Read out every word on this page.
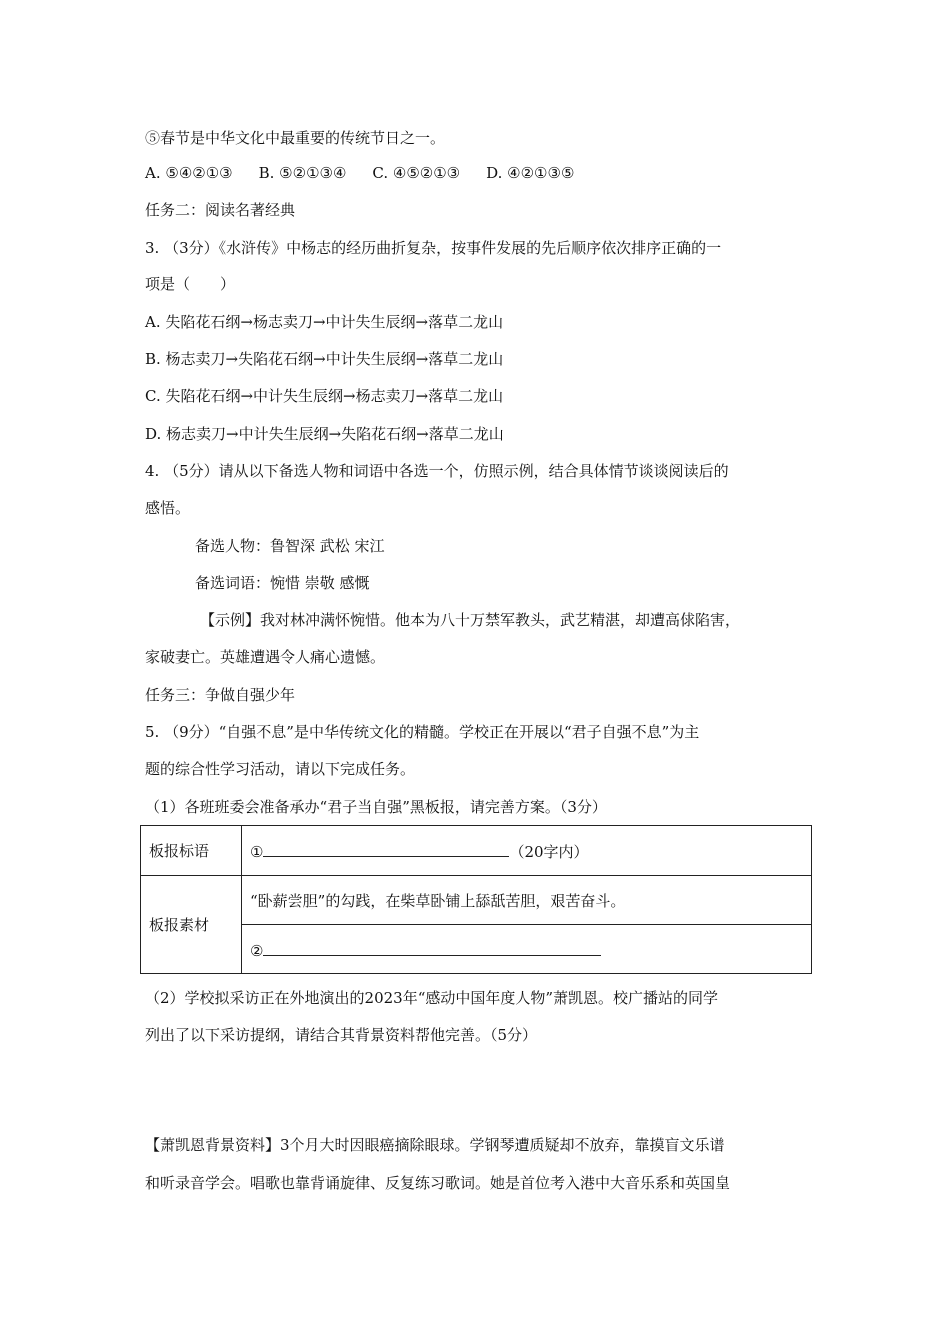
⑤春节是中华文化中最重要的传统节日之一。
A. ⑤④②①③ B. ⑤②①③④ C. ④⑤②①③ D. ④②①③⑤
任务二：阅读名著经典
3. （3分）《水浒传》中杨志的经历曲折复杂，按事件发展的先后顺序依次排序正确的一
项是（　　）
A. 失陷花石纲→杨志卖刀→中计失生辰纲→落草二龙山
B. 杨志卖刀→失陷花石纲→中计失生辰纲→落草二龙山
C. 失陷花石纲→中计失生辰纲→杨志卖刀→落草二龙山
D. 杨志卖刀→中计失生辰纲→失陷花石纲→落草二龙山
4. （5分）请从以下备选人物和词语中各选一个，仿照示例，结合具体情节谈谈阅读后的
感悟。
备选人物：鲁智深 武松 宋江
备选词语：惋惜 崇敬 感慨
【示例】我对林冲满怀惋惜。他本为八十万禁军教头，武艺精湛，却遭高俅陷害，
家破妻亡。英雄遭遇令人痛心遗憾。
任务三：争做自强少年
5. （9分）“自强不息”是中华传统文化的精髓。学校正在开展以“君子自强不息”为主
题的综合性学习活动，请以下完成任务。
（1）各班班委会准备承办“君子当自强”黑板报，请完善方案。（3分）
板报标语	① （20字内）
板报素材	“卧薪尝胆”的勾践，在柴草卧铺上舔舐苦胆，艰苦奋斗。
	②
（2）学校拟采访正在外地演出的2023年“感动中国年度人物”萧凯恩。校广播站的同学
列出了以下采访提纲，请结合其背景资料帮他完善。（5分）
【萧凯恩背景资料】3个月大时因眼癌摘除眼球。学钢琴遭质疑却不放弃，靠摸盲文乐谱
和听录音学会。唱歌也靠背诵旋律、反复练习歌词。她是首位考入港中大音乐系和英国皇
